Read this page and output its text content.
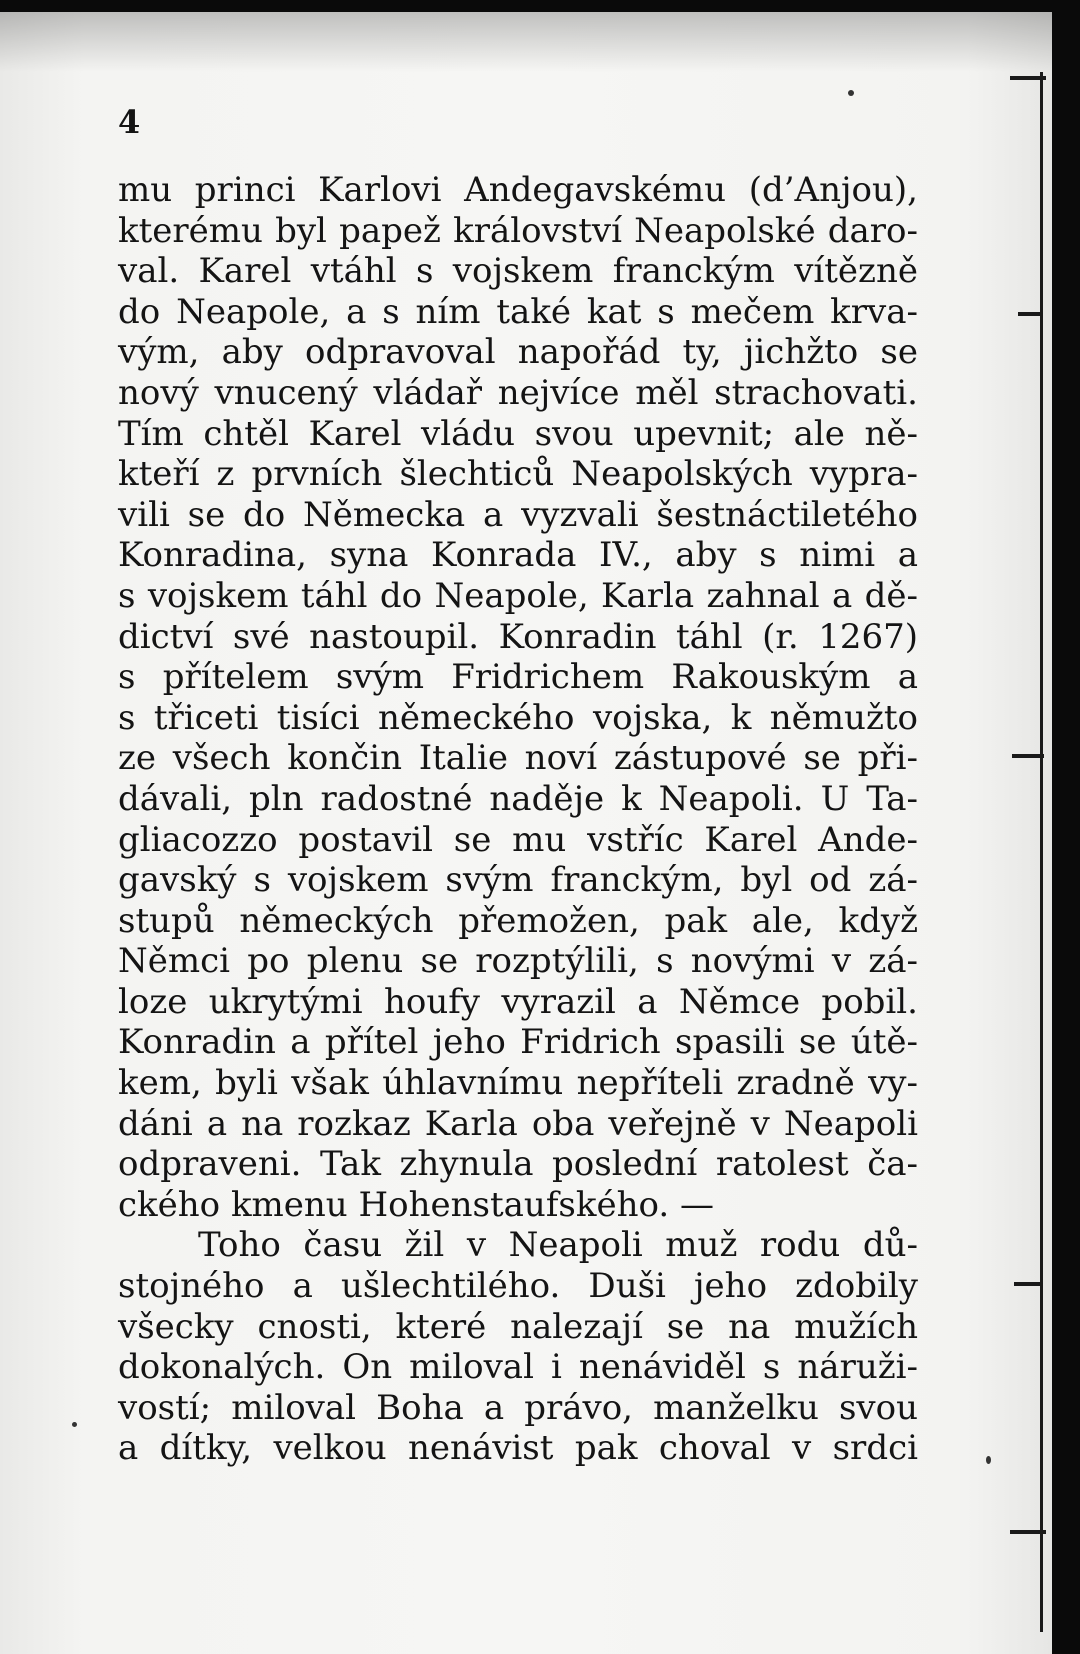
4
mu princi Karlovi Andegavskému (d’Anjou),
kterému byl papež království Neapolské daro-
val. Karel vtáhl s vojskem franckým vítězně
do Neapole, a s ním také kat s mečem krva-
vým, aby odpravoval napořád ty, jichžto se
nový vnucený vládař nejvíce měl strachovati.
Tím chtěl Karel vládu svou upevnit; ale ně-
kteří z prvních šlechticů Neapolských vypra-
vili se do Německa a vyzvali šestnáctiletého
Konradina, syna Konrada IV., aby s nimi a
s vojskem táhl do Neapole, Karla zahnal a dě-
dictví své nastoupil. Konradin táhl (r. 1267)
s přítelem svým Fridrichem Rakouským a
s třiceti tisíci německého vojska, k němužto
ze všech končin Italie noví zástupové se při-
dávali, pln radostné naděje k Neapoli. U Ta-
gliacozzo postavil se mu vstříc Karel Ande-
gavský s vojskem svým franckým, byl od zá-
stupů německých přemožen, pak ale, když
Němci po plenu se rozptýlili, s novými v zá-
loze ukrytými houfy vyrazil a Němce pobil.
Konradin a přítel jeho Fridrich spasili se útě-
kem, byli však úhlavnímu nepříteli zradně vy-
dáni a na rozkaz Karla oba veřejně v Neapoli
odpraveni. Tak zhynula poslední ratolest ča-
ckého kmenu Hohenstaufského. —
Toho času žil v Neapoli muž rodu dů-
stojného a ušlechtilého. Duši jeho zdobily
všecky cnosti, které nalezají se na mužích
dokonalých. On miloval i nenáviděl s náruži-
vostí; miloval Boha a právo, manželku svou
a dítky, velkou nenávist pak choval v srdci
